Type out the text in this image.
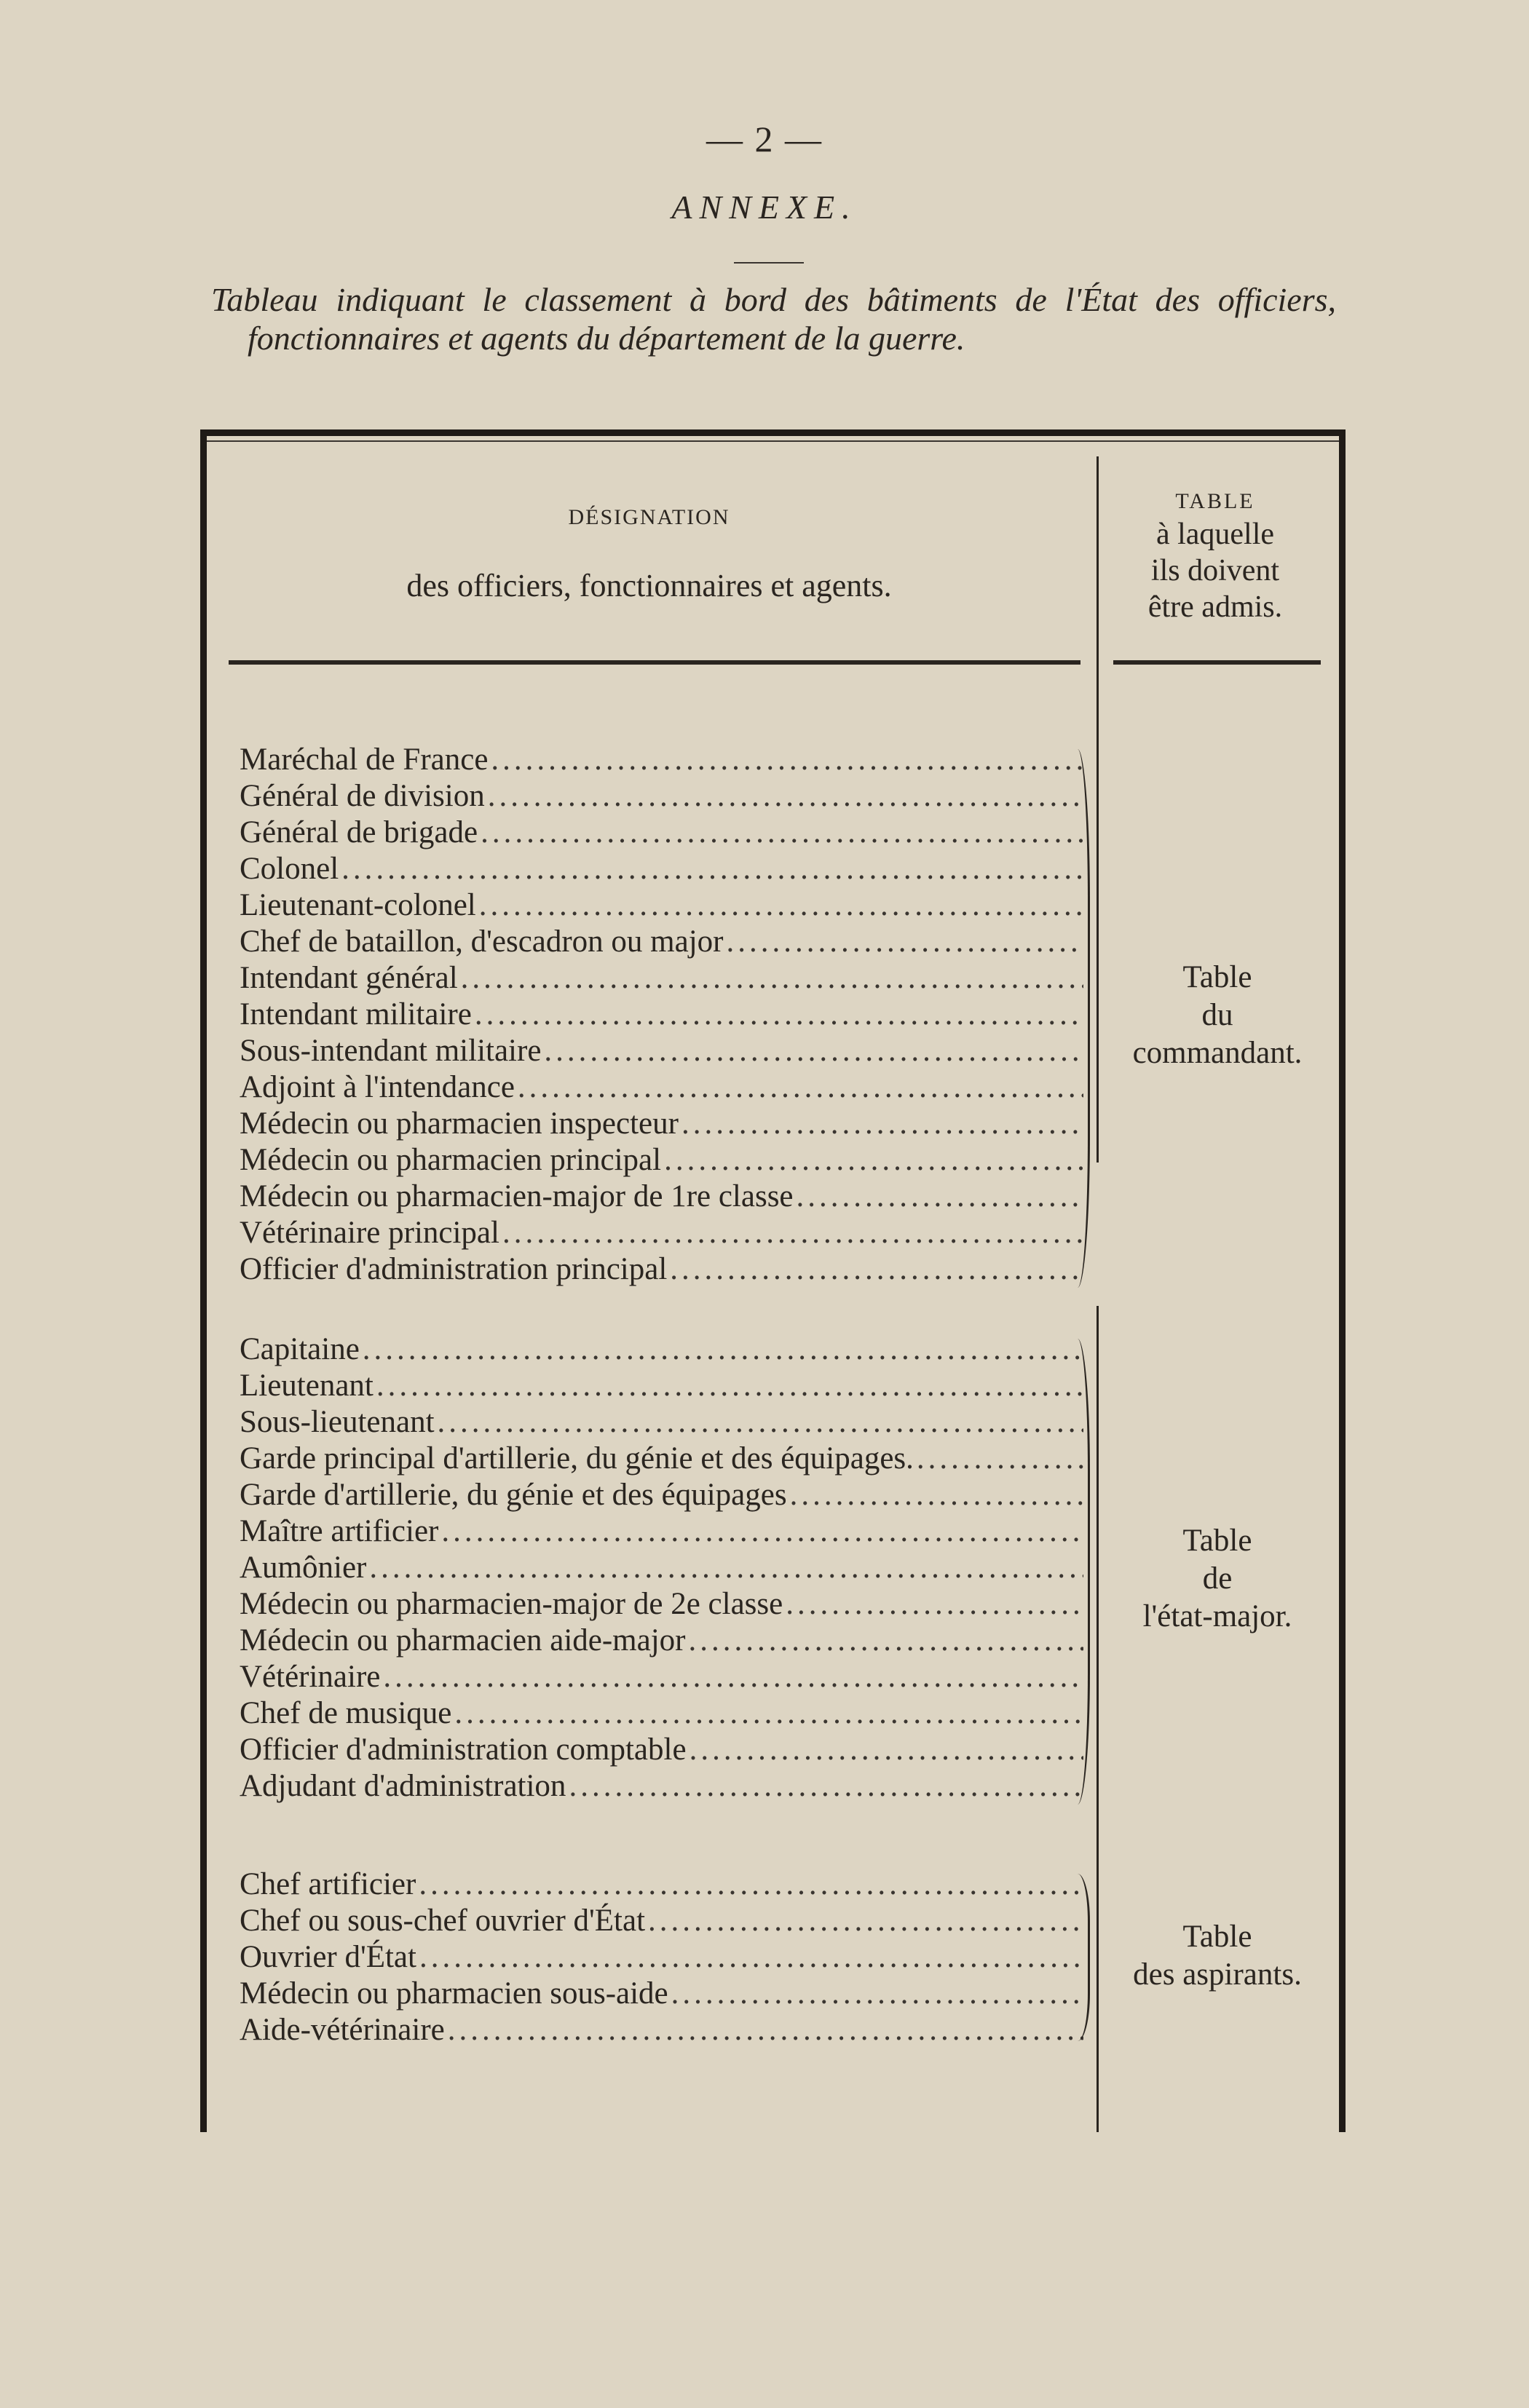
— 2 —
ANNEXE.
Tableau indiquant le classement à bord des bâtiments de l'État des officiers, fonctionnaires et agents du département de la guerre.
DÉSIGNATION
des officiers, fonctionnaires et agents.
TABLE
à laquelle
ils doivent
être admis.
Maréchal de France
.....
Général de division
.....
Général de brigade
.....
Colonel
.....
Lieutenant-colonel
.....
Chef de bataillon, d'escadron ou major
.....
Intendant général
.....
Intendant militaire
.....
Sous-intendant militaire
.....
Adjoint à l'intendance
.....
Médecin ou pharmacien inspecteur
.....
Médecin ou pharmacien principal
.....
Médecin ou pharmacien-major de 1re classe
.....
Vétérinaire principal
.....
Officier d'administration principal
.....
Table
du
commandant.
Capitaine
.....
Lieutenant
.....
Sous-lieutenant
.....
Garde principal d'artillerie, du génie et des équipages.
.....
Garde d'artillerie, du génie et des équipages
.....
Maître artificier
.....
Aumônier
.....
Médecin ou pharmacien-major de 2e classe
.....
Médecin ou pharmacien aide-major
.....
Vétérinaire
.....
Chef de musique
.....
Officier d'administration comptable
.....
Adjudant d'administration
.....
Table
de
l'état-major.
Chef artificier
.....
Chef ou sous-chef ouvrier d'État
.....
Ouvrier d'État
.....
Médecin ou pharmacien sous-aide
.....
Aide-vétérinaire
.....
Table
des aspirants.
